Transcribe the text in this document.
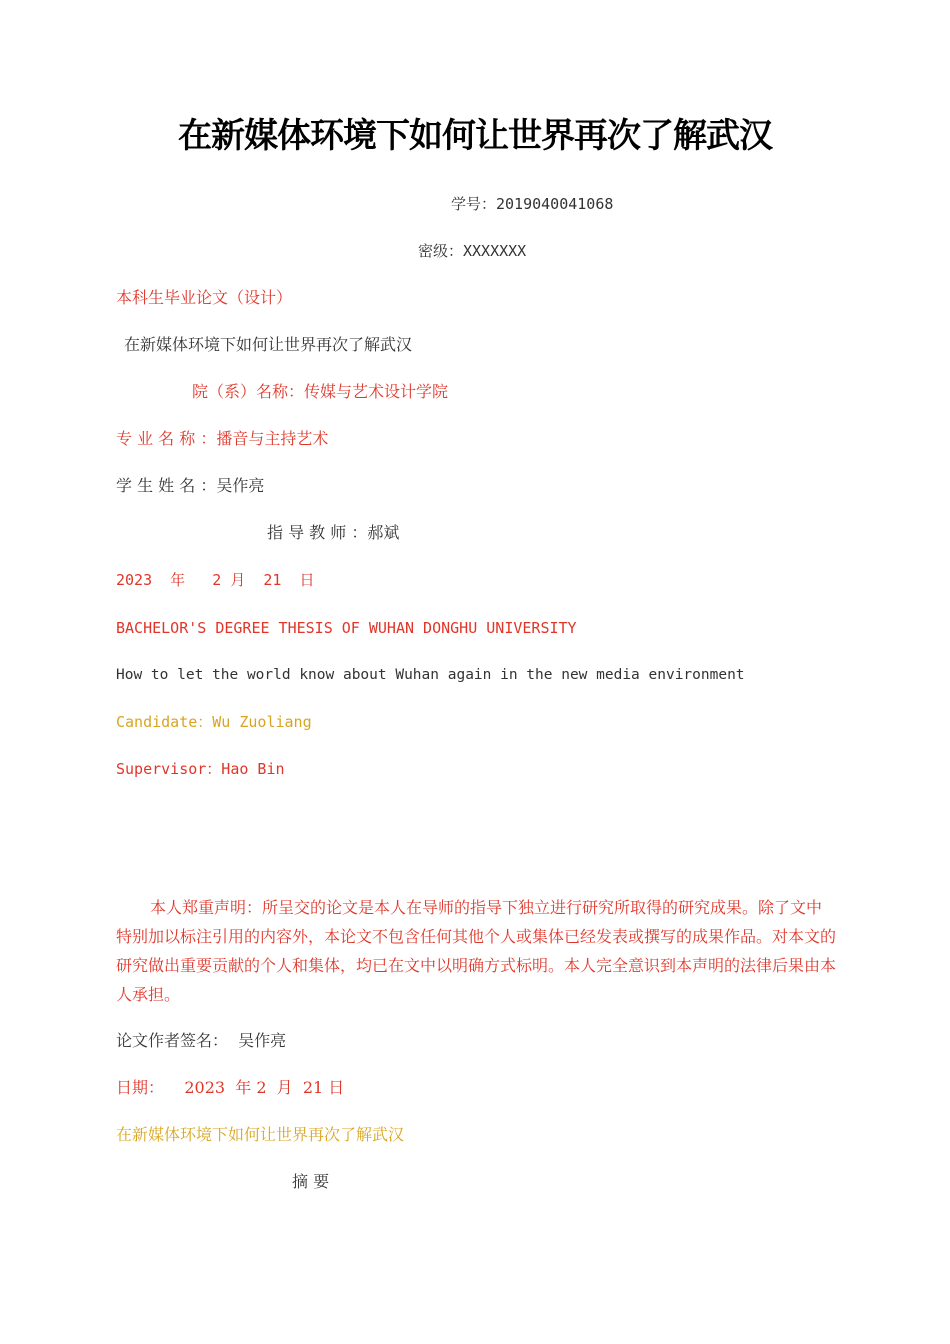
在新媒体环境下如何让世界再次了解武汉
学号：2019040041068
密级：XXXXXXX
本科生毕业论文（设计）
在新媒体环境下如何让世界再次了解武汉
院（系）名称：传媒与艺术设计学院
专 业 名 称 ：播音与主持艺术
学 生 姓 名 ：吴作亮
指 导 教 师 ：郝斌
2023  年   2 月  21  日
BACHELOR'S DEGREE THESIS OF WUHAN DONGHU UNIVERSITY
How to let the world know about Wuhan again in the new media environment
Candidate：Wu Zuoliang
Supervisor：Hao Bin
本人郑重声明：所呈交的论文是本人在导师的指导下独立进行研究所取得的研究成果。除了文中特别加以标注引用的内容外，本论文不包含任何其他个人或集体已经发表或撰写的成果作品。对本文的研究做出重要贡献的个人和集体，均已在文中以明确方式标明。本人完全意识到本声明的法律后果由本人承担。
论文作者签名：  吴作亮
日期：    2023  年 2  月  21 日
在新媒体环境下如何让世界再次了解武汉
摘 要
